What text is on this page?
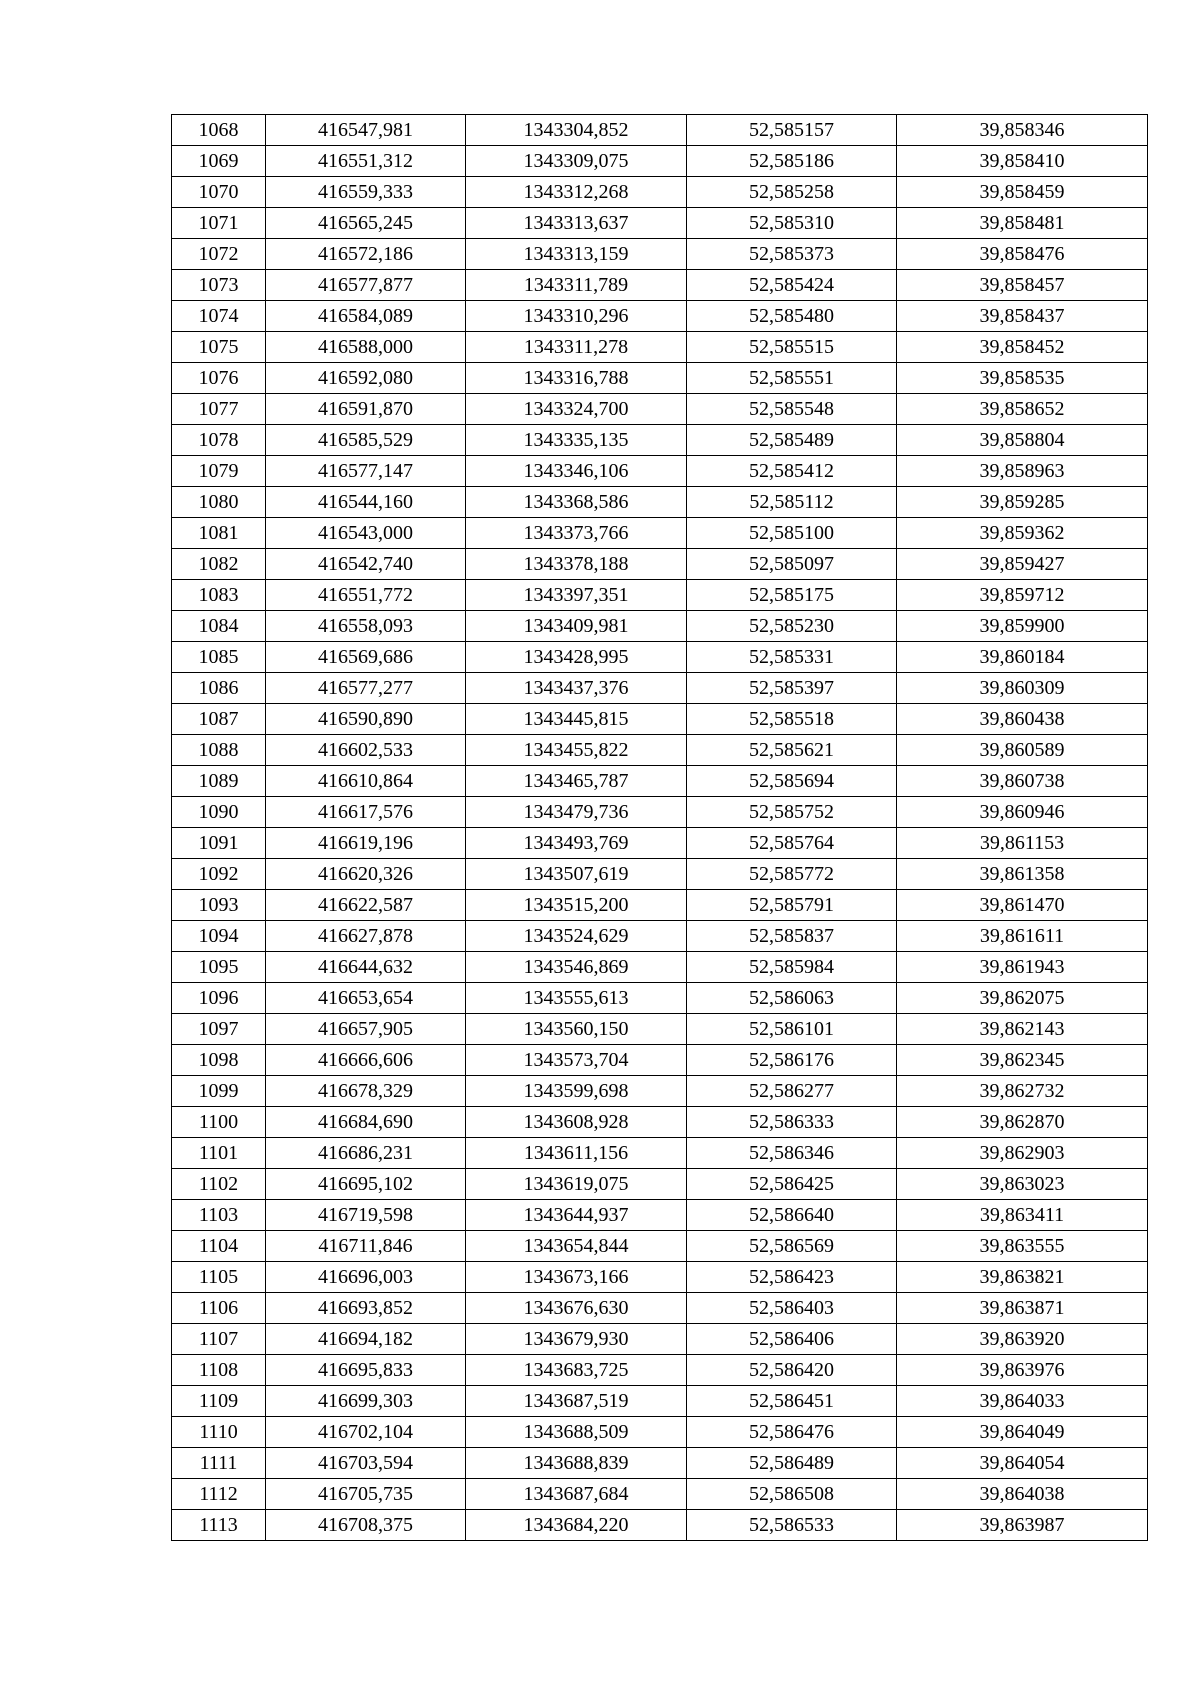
1068	416547,981	1343304,852	52,585157	39,858346
1069	416551,312	1343309,075	52,585186	39,858410
1070	416559,333	1343312,268	52,585258	39,858459
1071	416565,245	1343313,637	52,585310	39,858481
1072	416572,186	1343313,159	52,585373	39,858476
1073	416577,877	1343311,789	52,585424	39,858457
1074	416584,089	1343310,296	52,585480	39,858437
1075	416588,000	1343311,278	52,585515	39,858452
1076	416592,080	1343316,788	52,585551	39,858535
1077	416591,870	1343324,700	52,585548	39,858652
1078	416585,529	1343335,135	52,585489	39,858804
1079	416577,147	1343346,106	52,585412	39,858963
1080	416544,160	1343368,586	52,585112	39,859285
1081	416543,000	1343373,766	52,585100	39,859362
1082	416542,740	1343378,188	52,585097	39,859427
1083	416551,772	1343397,351	52,585175	39,859712
1084	416558,093	1343409,981	52,585230	39,859900
1085	416569,686	1343428,995	52,585331	39,860184
1086	416577,277	1343437,376	52,585397	39,860309
1087	416590,890	1343445,815	52,585518	39,860438
1088	416602,533	1343455,822	52,585621	39,860589
1089	416610,864	1343465,787	52,585694	39,860738
1090	416617,576	1343479,736	52,585752	39,860946
1091	416619,196	1343493,769	52,585764	39,861153
1092	416620,326	1343507,619	52,585772	39,861358
1093	416622,587	1343515,200	52,585791	39,861470
1094	416627,878	1343524,629	52,585837	39,861611
1095	416644,632	1343546,869	52,585984	39,861943
1096	416653,654	1343555,613	52,586063	39,862075
1097	416657,905	1343560,150	52,586101	39,862143
1098	416666,606	1343573,704	52,586176	39,862345
1099	416678,329	1343599,698	52,586277	39,862732
1100	416684,690	1343608,928	52,586333	39,862870
1101	416686,231	1343611,156	52,586346	39,862903
1102	416695,102	1343619,075	52,586425	39,863023
1103	416719,598	1343644,937	52,586640	39,863411
1104	416711,846	1343654,844	52,586569	39,863555
1105	416696,003	1343673,166	52,586423	39,863821
1106	416693,852	1343676,630	52,586403	39,863871
1107	416694,182	1343679,930	52,586406	39,863920
1108	416695,833	1343683,725	52,586420	39,863976
1109	416699,303	1343687,519	52,586451	39,864033
1110	416702,104	1343688,509	52,586476	39,864049
1111	416703,594	1343688,839	52,586489	39,864054
1112	416705,735	1343687,684	52,586508	39,864038
1113	416708,375	1343684,220	52,586533	39,863987
